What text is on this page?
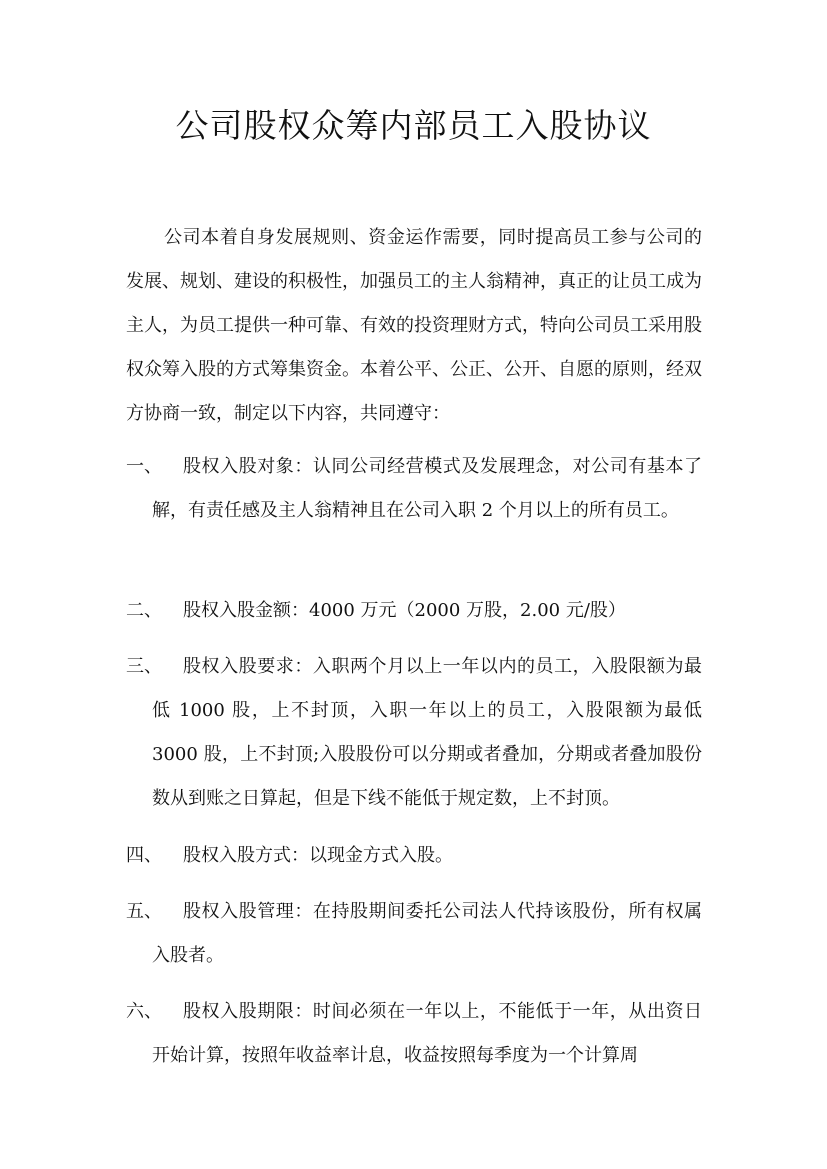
公司股权众筹内部员工入股协议
公司本着自身发展规则、资金运作需要，同时提高员工参与公司的发展、规划、建设的积极性，加强员工的主人翁精神，真正的让员工成为主人，为员工提供一种可靠、有效的投资理财方式，特向公司员工采用股权众筹入股的方式筹集资金。本着公平、公正、公开、自愿的原则，经双方协商一致，制定以下内容，共同遵守：
一、	股权入股对象：认同公司经营模式及发展理念，对公司有基本了解，有责任感及主人翁精神且在公司入职 2 个月以上的所有员工。
二、	股权入股金额：4000 万元（2000 万股，2.00 元/股）
三、	股权入股要求：入职两个月以上一年以内的员工，入股限额为最低 1000 股，上不封顶，入职一年以上的员工，入股限额为最低 3000 股，上不封顶;入股股份可以分期或者叠加，分期或者叠加股份数从到账之日算起，但是下线不能低于规定数，上不封顶。
四、	股权入股方式：以现金方式入股。
五、	股权入股管理：在持股期间委托公司法人代持该股份，所有权属入股者。
六、	股权入股期限：时间必须在一年以上，不能低于一年，从出资日开始计算，按照年收益率计息，收益按照每季度为一个计算周
